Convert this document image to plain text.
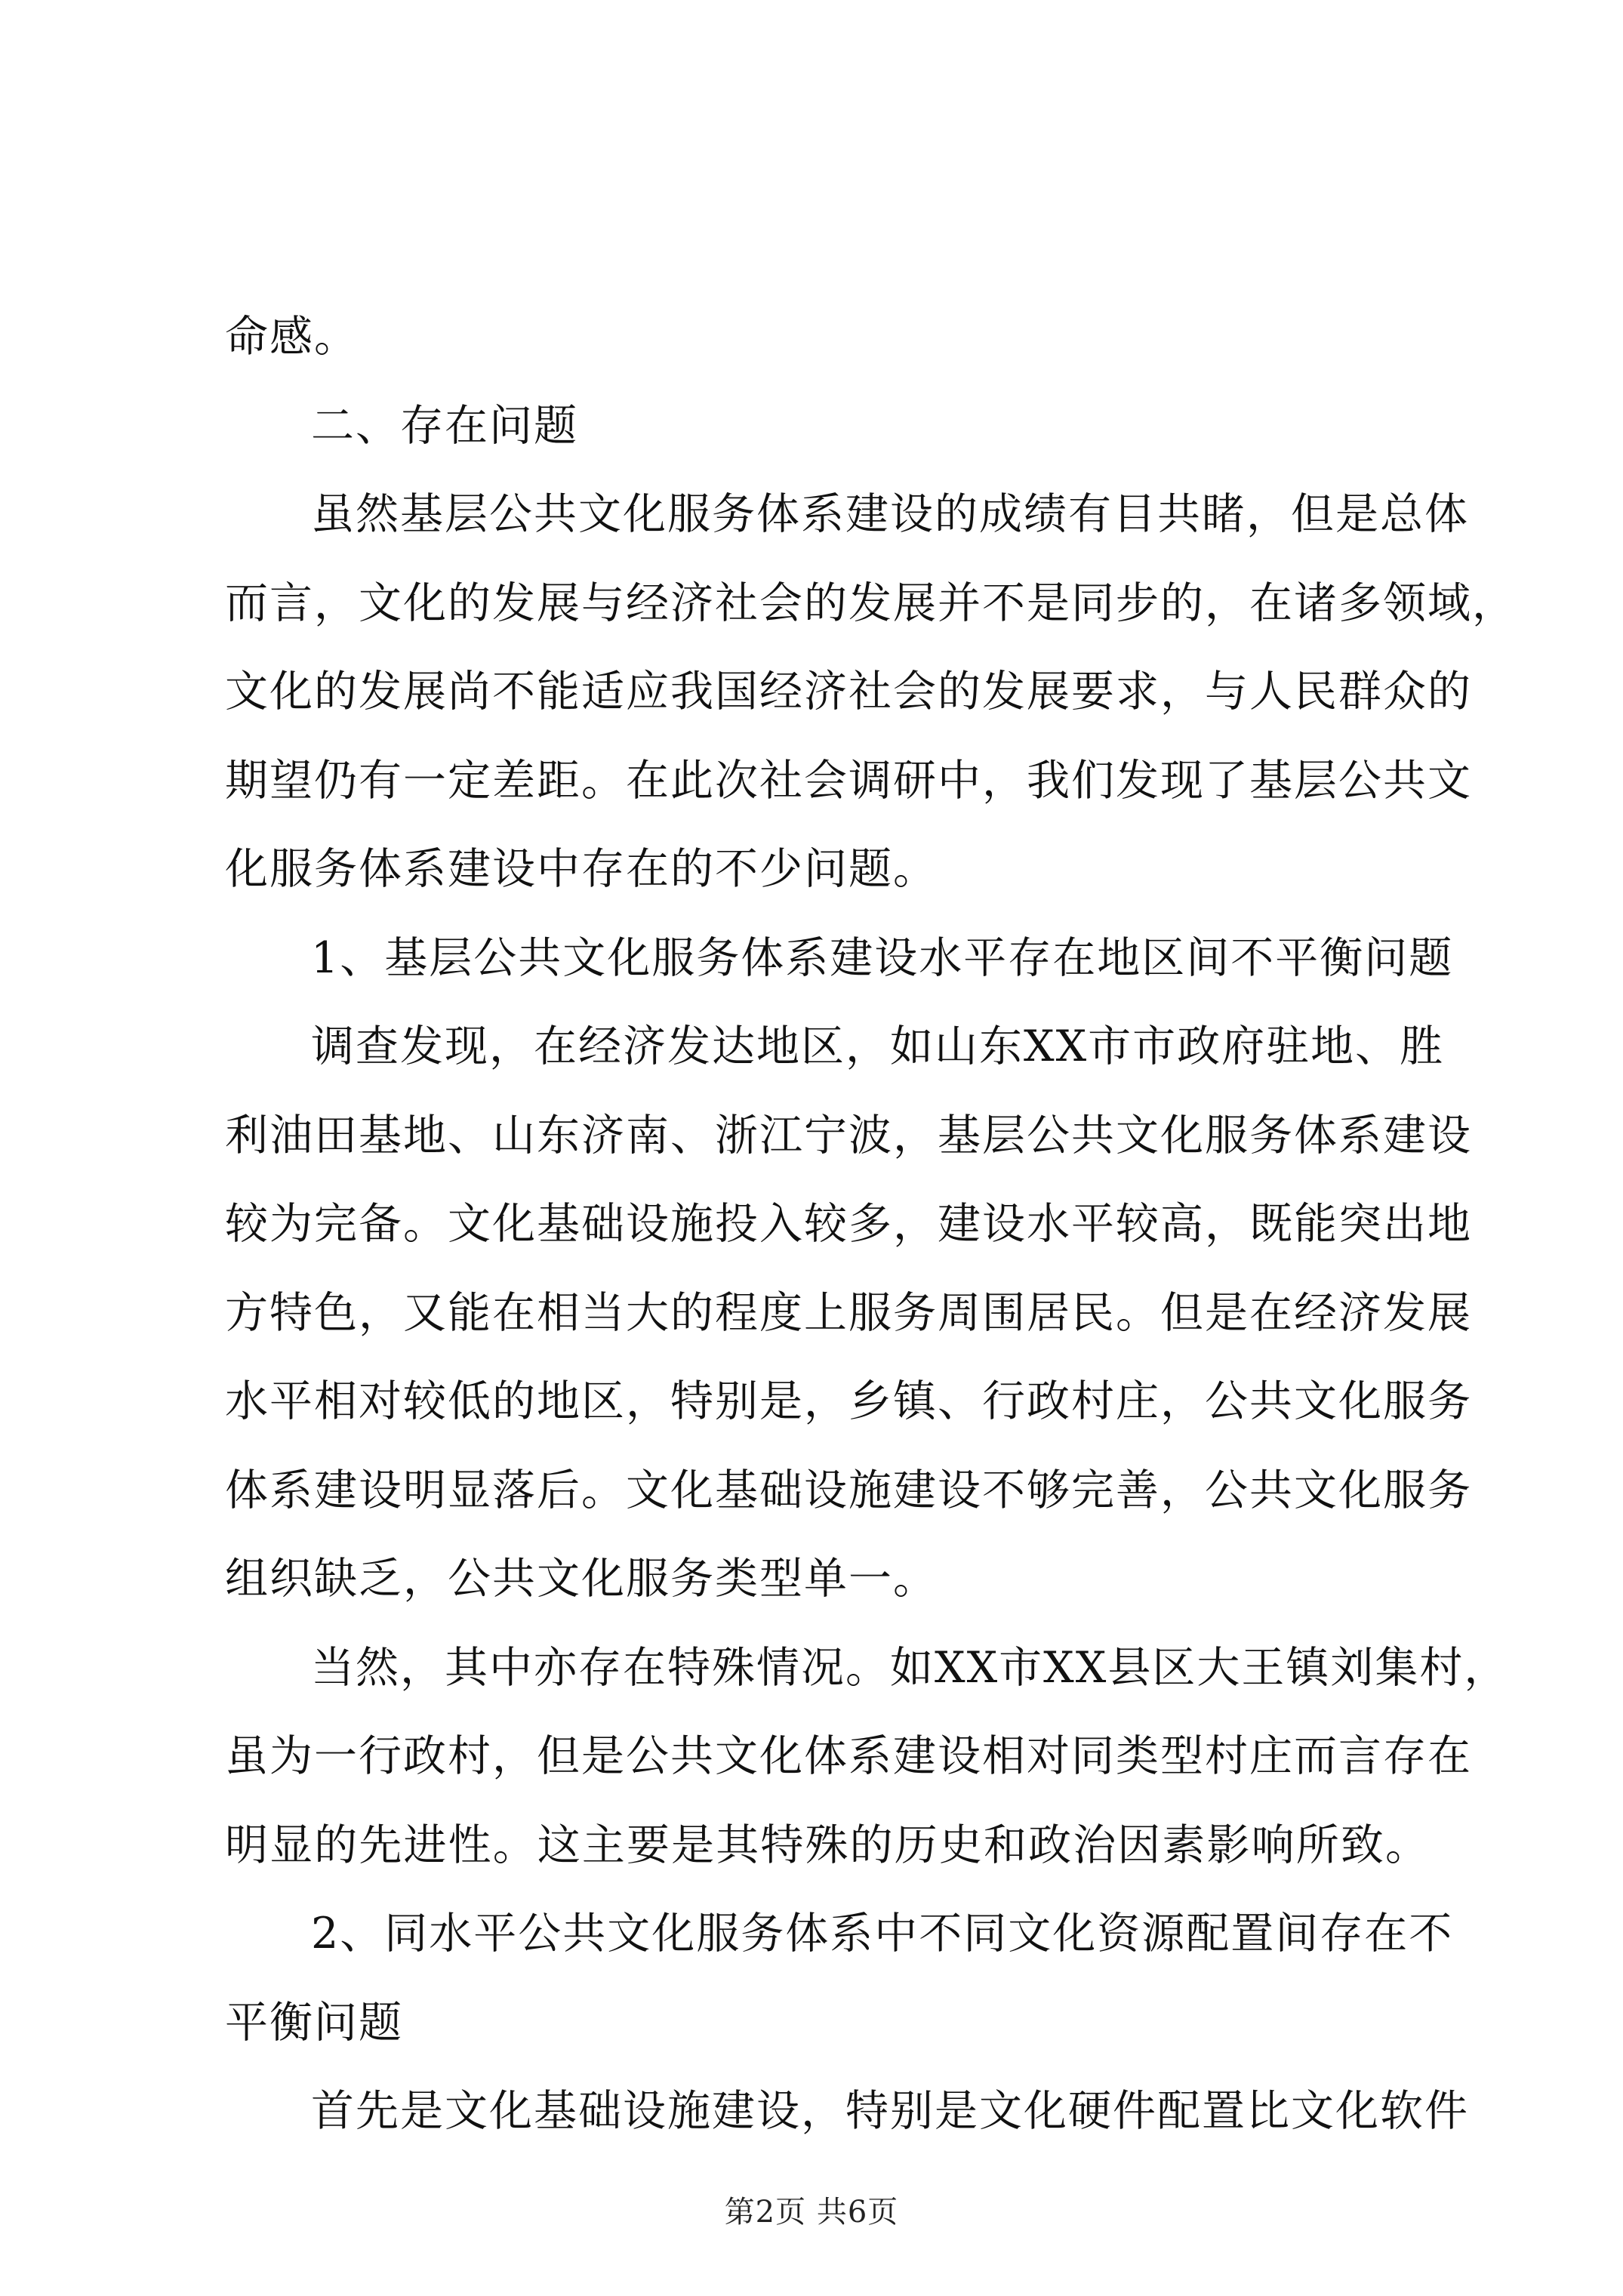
命感。
二、存在问题
虽然基层公共文化服务体系建设的成绩有目共睹，但是总体
而言，文化的发展与经济社会的发展并不是同步的，在诸多领域，
文化的发展尚不能适应我国经济社会的发展要求，与人民群众的
期望仍有一定差距。在此次社会调研中，我们发现了基层公共文
化服务体系建设中存在的不少问题。
1、基层公共文化服务体系建设水平存在地区间不平衡问题
调查发现，在经济发达地区，如山东XX市市政府驻地、胜
利油田基地、山东济南、浙江宁波，基层公共文化服务体系建设
较为完备。文化基础设施投入较多，建设水平较高，既能突出地
方特色，又能在相当大的程度上服务周围居民。但是在经济发展
水平相对较低的地区，特别是，乡镇、行政村庄，公共文化服务
体系建设明显落后。文化基础设施建设不够完善，公共文化服务
组织缺乏，公共文化服务类型单一。
当然，其中亦存在特殊情况。如XX市XX县区大王镇刘集村，
虽为一行政村，但是公共文化体系建设相对同类型村庄而言存在
明显的先进性。这主要是其特殊的历史和政治因素影响所致。
2、同水平公共文化服务体系中不同文化资源配置间存在不
平衡问题
首先是文化基础设施建设，特别是文化硬件配置比文化软件
第2页 共6页
